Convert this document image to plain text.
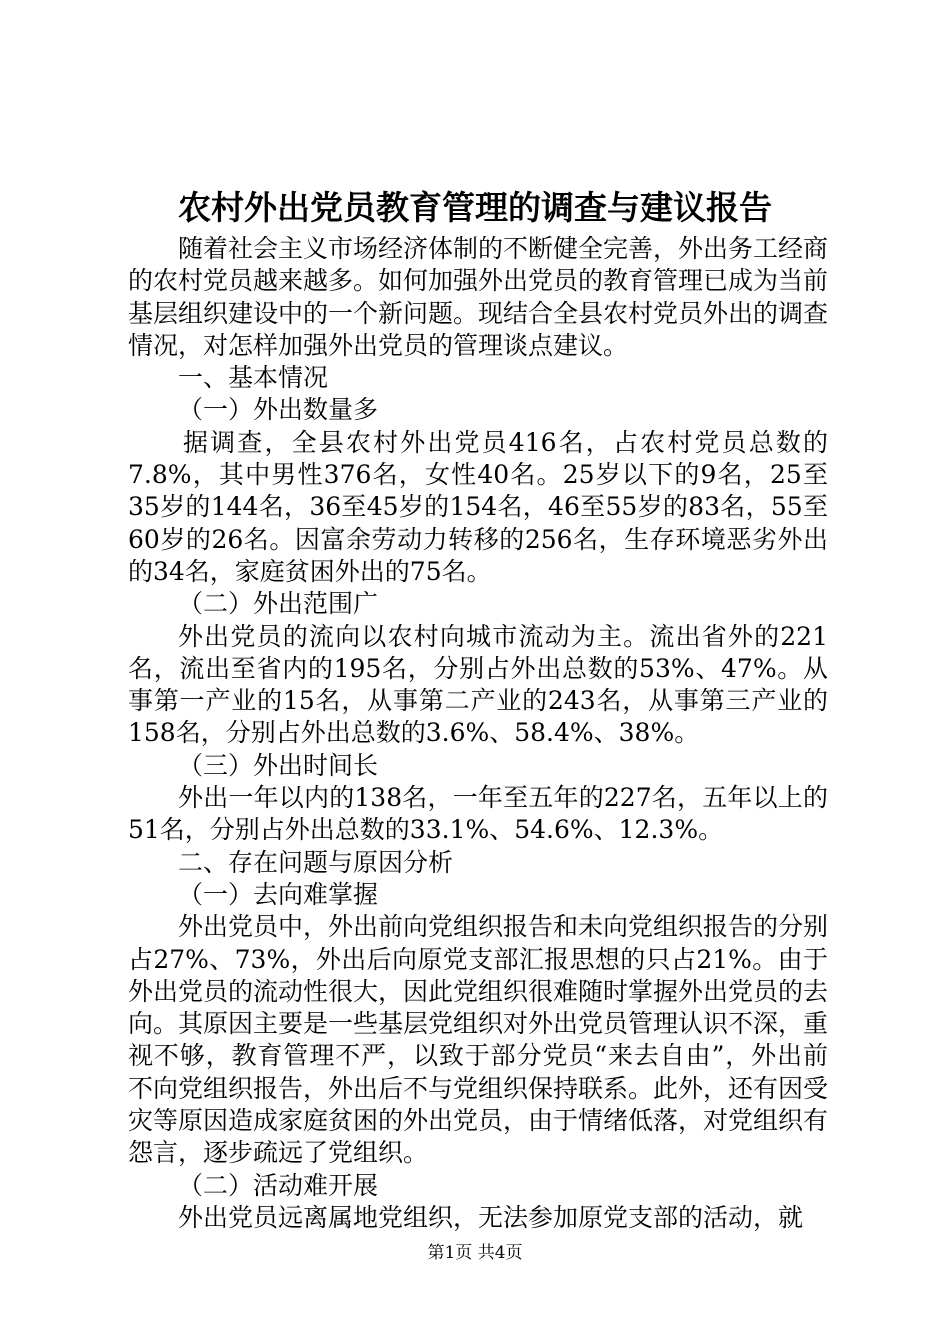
农村外出党员教育管理的调查与建议报告

随着社会主义市场经济体制的不断健全完善，外出务工经商的农村党员越来越多。如何加强外出党员的教育管理已成为当前基层组织建设中的一个新问题。现结合全县农村党员外出的调查情况，对怎样加强外出党员的管理谈点建议。

一、基本情况

（一）外出数量多

据调查，全县农村外出党员416名，占农村党员总数的7.8%，其中男性376名，女性40名。25岁以下的9名，25至35岁的144名，36至45岁的154名，46至55岁的83名，55至60岁的26名。因富余劳动力转移的256名，生存环境恶劣外出的34名，家庭贫困外出的75名。

（二）外出范围广

外出党员的流向以农村向城市流动为主。流出省外的221名，流出至省内的195名，分别占外出总数的53%、47%。从事第一产业的15名，从事第二产业的243名，从事第三产业的158名，分别占外出总数的3.6%、58.4%、38%。

（三）外出时间长

外出一年以内的138名，一年至五年的227名，五年以上的51名，分别占外出总数的33.1%、54.6%、12.3%。

二、存在问题与原因分析

（一）去向难掌握

外出党员中，外出前向党组织报告和未向党组织报告的分别占27%、73%，外出后向原党支部汇报思想的只占21%。由于外出党员的流动性很大，因此党组织很难随时掌握外出党员的去向。其原因主要是一些基层党组织对外出党员管理认识不深，重视不够，教育管理不严，以致于部分党员“来去自由”，外出前不向党组织报告，外出后不与党组织保持联系。此外，还有因受灾等原因造成家庭贫困的外出党员，由于情绪低落，对党组织有怨言，逐步疏远了党组织。

（二）活动难开展

外出党员远离属地党组织，无法参加原党支部的活动，就

第1页 共4页
